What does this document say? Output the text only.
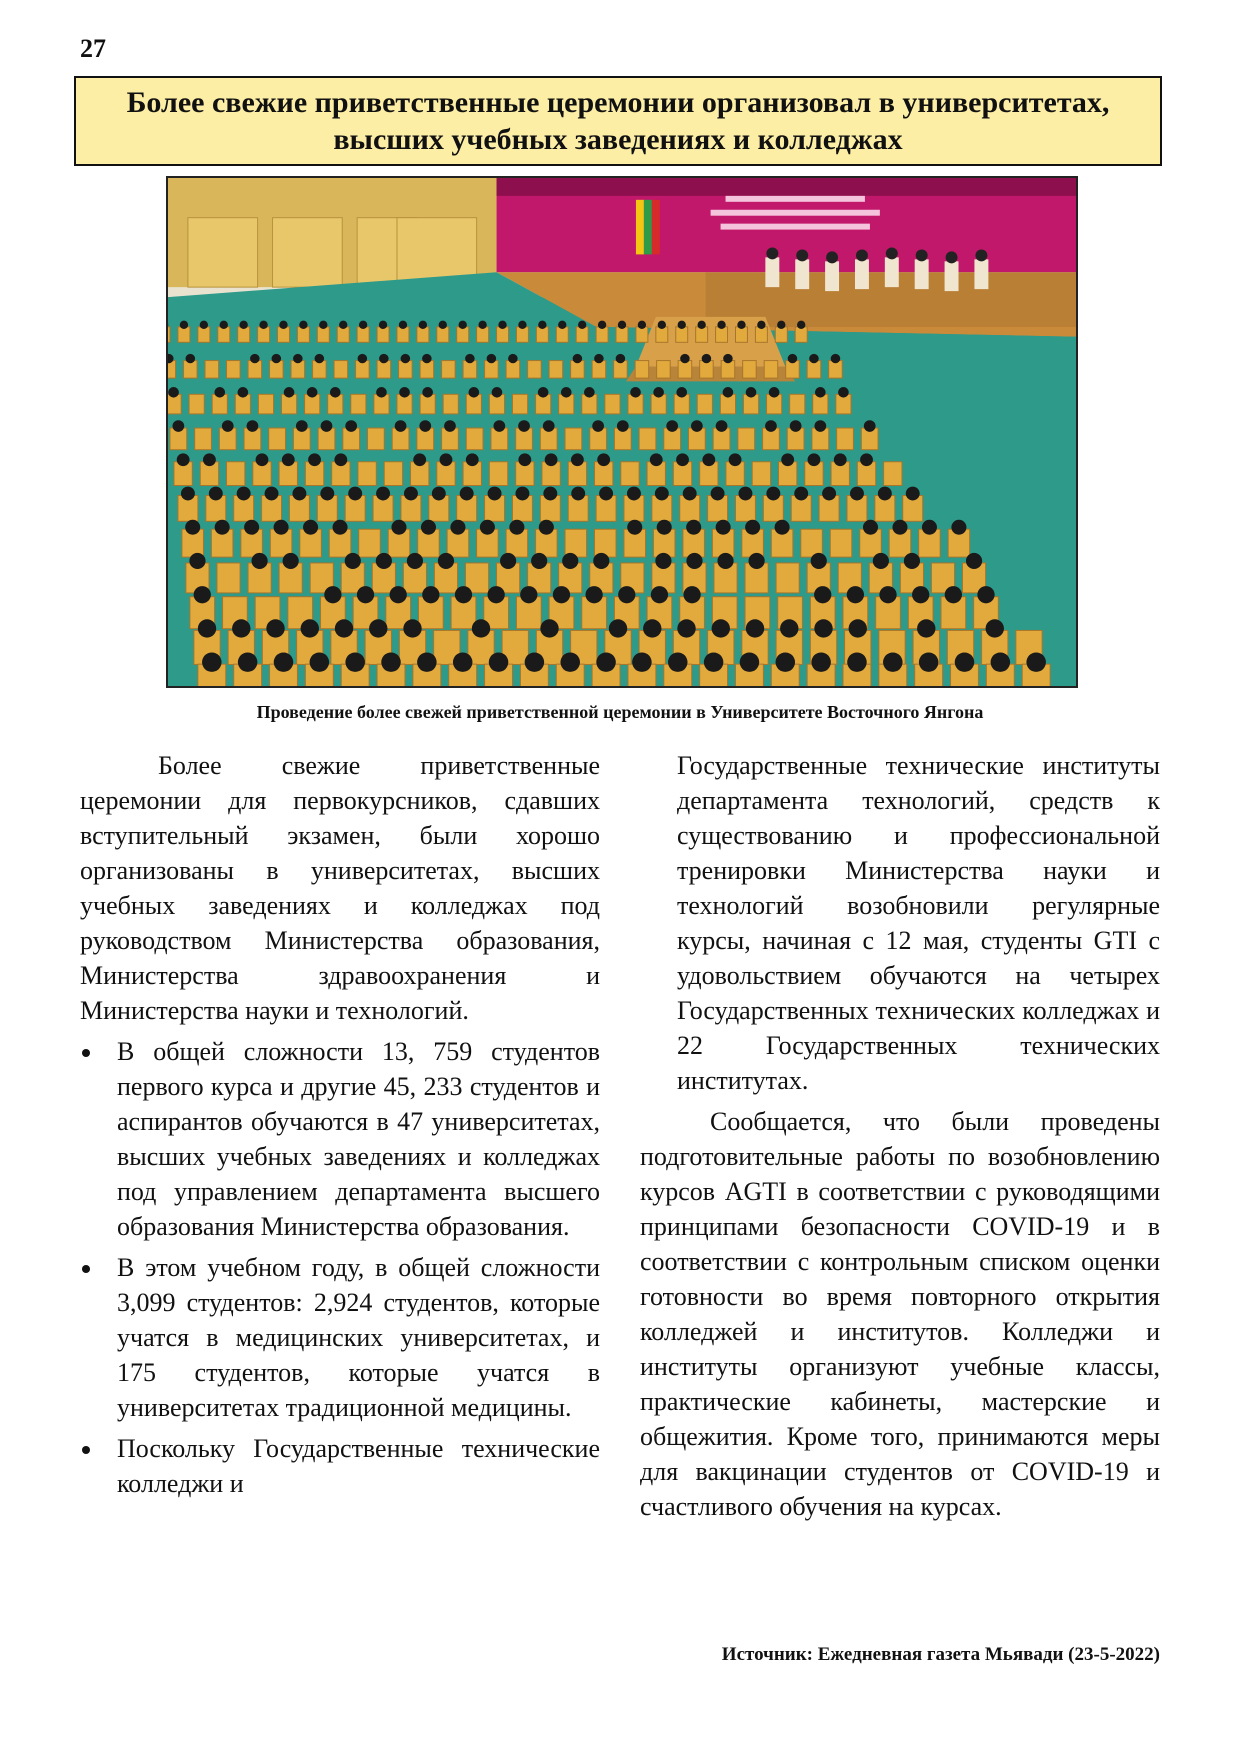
27
Более свежие приветственные церемонии организовал в университетах,
высших учебных заведениях и колледжах
Проведение более свежей приветственной церемонии в Университете Восточного Янгона

Более свежие приветственные церемонии для первокурсников, сдавших вступительный экзамен, были хорошо организованы в университетах, высших учебных заведениях и колледжах под руководством Министерства образования, Министерства здравоохранения и Министерства науки и технологий.

В общей сложности 13, 759 студентов первого курса и другие 45, 233 студентов и аспирантов обучаются в 47 университетах, высших учебных заведениях и колледжах под управлением департамента высшего образования Министерства образования.
В этом учебном году, в общей сложности 3,099 студентов: 2,924 студентов, которые учатся в медицинских университетах, и 175 студентов, которые учатся в университетах традиционной медицины.
Поскольку Государственные технические колледжи и

Государственные технические институты департамента технологий, средств к существованию и профессиональной тренировки Министерства науки и технологий возобновили регулярные курсы, начиная с 12 мая, студенты GTI с удовольствием обучаются на четырех Государственных технических колледжах и 22 Государственных технических институтах.

Сообщается, что были проведены подготовительные работы по возобновлению курсов AGTI в соответствии с руководящими принципами безопасности COVID-19 и в соответствии с контрольным списком оценки готовности во время повторного открытия колледжей и институтов. Колледжи и институты организуют учебные классы, практические кабинеты, мастерские и общежития. Кроме того, принимаются меры для вакцинации студентов от COVID-19 и счастливого обучения на курсах.

Источник: Ежедневная газета Мьявади (23-5-2022)
